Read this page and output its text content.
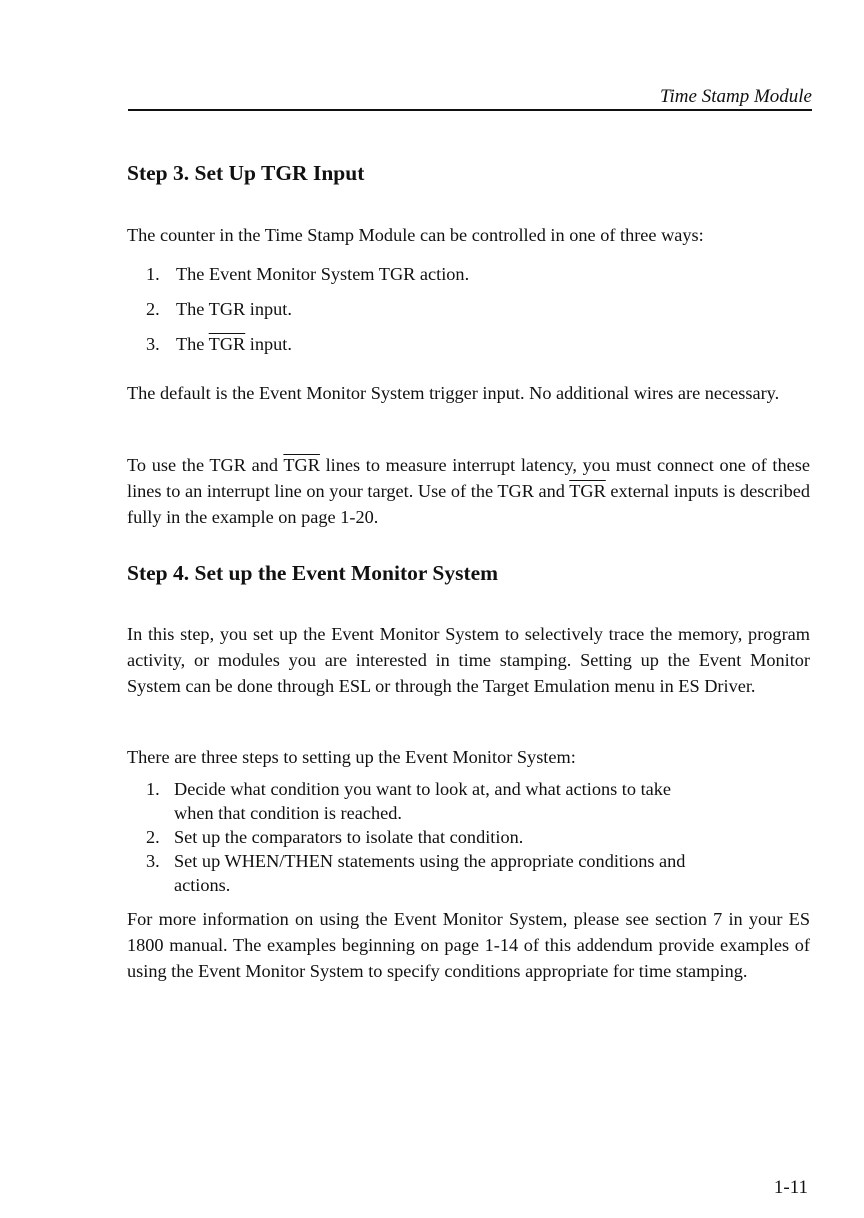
Time Stamp Module
Step 3. Set Up TGR Input

The counter in the Time Stamp Module can be controlled in one of three ways:

1. The Event Monitor System TGR action.
2. The TGR input.
3. The $\overline{TGR}$ input.

The default is the Event Monitor System trigger input. No additional wires are necessary.

To use the TGR and $\overline{TGR}$ lines to measure interrupt latency, you must connect one of these lines to an interrupt line on your target. Use of the TGR and $\overline{TGR}$ external inputs is described fully in the example on page 1-20.

Step 4. Set up the Event Monitor System

In this step, you set up the Event Monitor System to selectively trace the memory, program activity, or modules you are interested in time stamping. Setting up the Event Monitor System can be done through ESL or through the Target Emulation menu in ES Driver.

There are three steps to setting up the Event Monitor System:

1. Decide what condition you want to look at, and what actions to take when that condition is reached.
2. Set up the comparators to isolate that condition.
3. Set up WHEN/THEN statements using the appropriate conditions and actions.

For more information on using the Event Monitor System, please see section 7 in your ES 1800 manual. The examples beginning on page 1-14 of this addendum provide examples of using the Event Monitor System to specify conditions appropriate for time stamping.

1-11
